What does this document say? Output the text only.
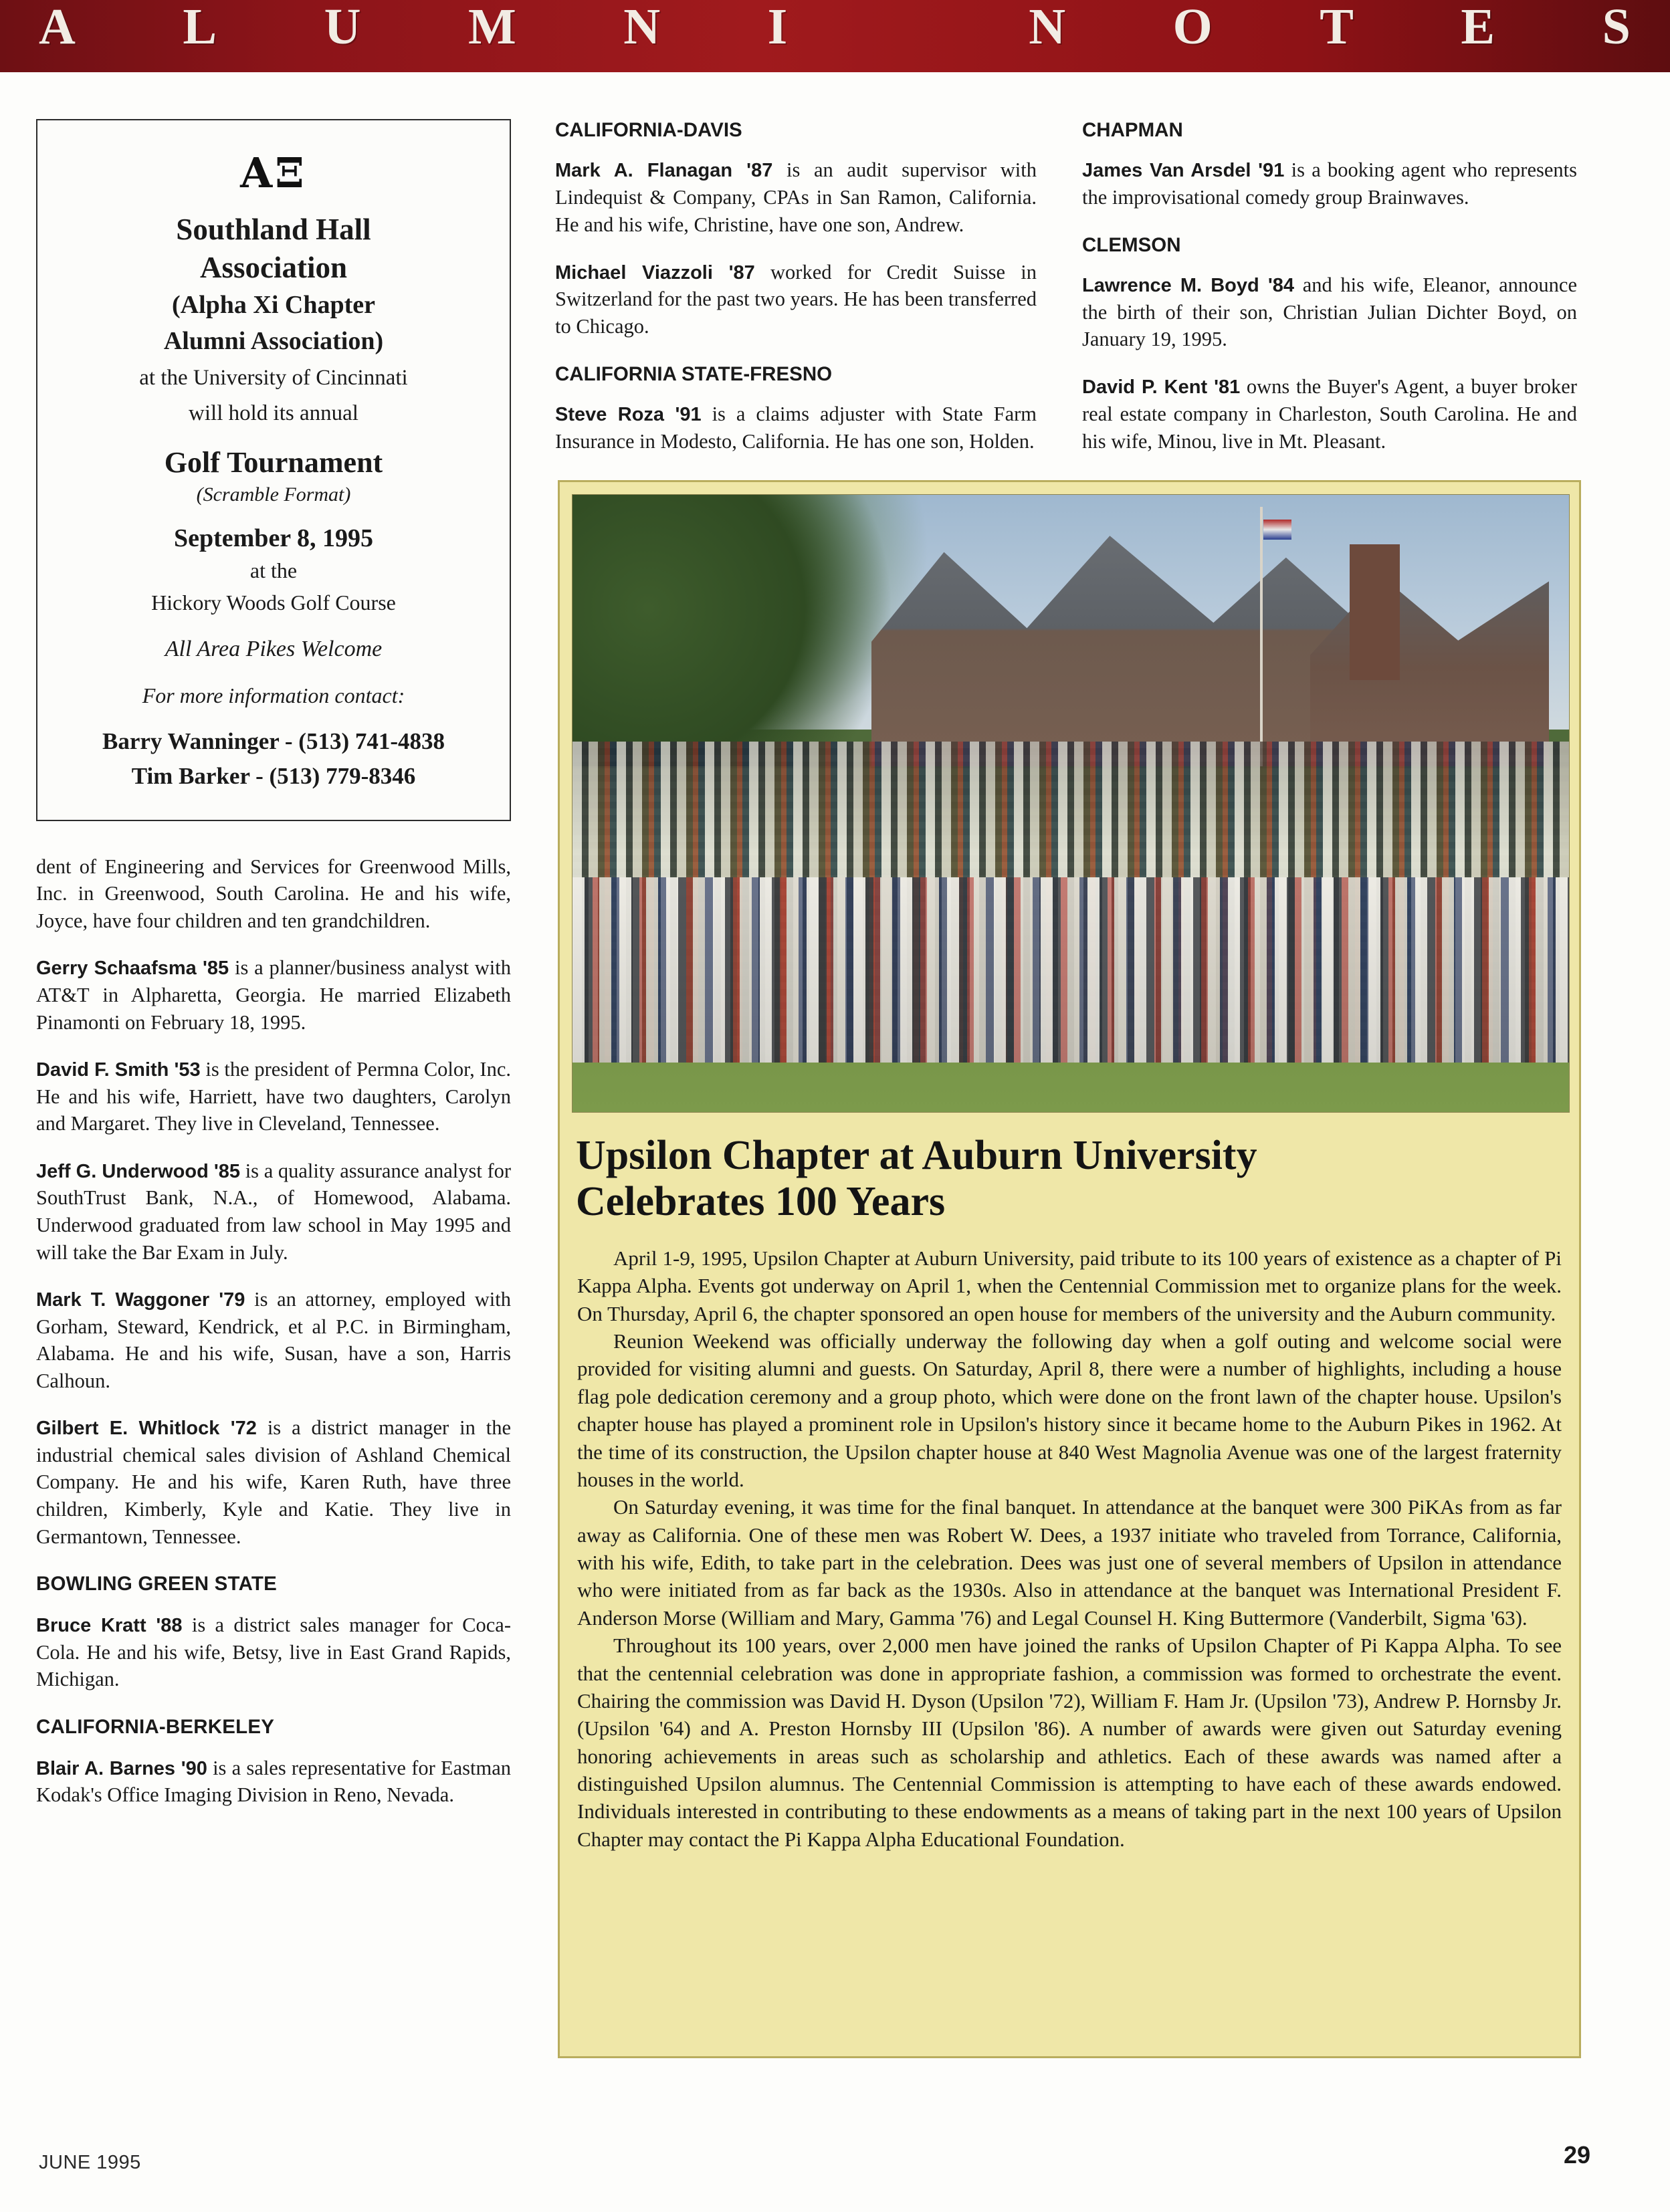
A L U M N I	N O T E S
ΑΞ
Southland Hall
Association
(Alpha Xi Chapter
Alumni Association)
at the University of Cincinnati
will hold its annual
Golf Tournament
(Scramble Format)
September 8, 1995
at the
Hickory Woods Golf Course
All Area Pikes Welcome
For more information contact:
Barry Wanninger - (513) 741-4838
Tim Barker - (513) 779-8346
dent of Engineering and Services for Greenwood Mills, Inc. in Greenwood, South Carolina. He and his wife, Joyce, have four children and ten grandchildren.
Gerry Schaafsma '85 is a planner/business analyst with AT&T in Alpharetta, Georgia. He married Elizabeth Pinamonti on February 18, 1995.
David F. Smith '53 is the president of Permna Color, Inc. He and his wife, Harriett, have two daughters, Carolyn and Margaret. They live in Cleveland, Tennessee.
Jeff G. Underwood '85 is a quality assurance analyst for SouthTrust Bank, N.A., of Homewood, Alabama. Underwood graduated from law school in May 1995 and will take the Bar Exam in July.
Mark T. Waggoner '79 is an attorney, employed with Gorham, Steward, Kendrick, et al P.C. in Birmingham, Alabama. He and his wife, Susan, have a son, Harris Calhoun.
Gilbert E. Whitlock '72 is a district manager in the industrial chemical sales division of Ashland Chemical Company. He and his wife, Karen Ruth, have three children, Kimberly, Kyle and Katie. They live in Germantown, Tennessee.
BOWLING GREEN STATE
Bruce Kratt '88 is a district sales manager for Coca-Cola. He and his wife, Betsy, live in East Grand Rapids, Michigan.
CALIFORNIA-BERKELEY
Blair A. Barnes '90 is a sales representative for Eastman Kodak's Office Imaging Division in Reno, Nevada.
CALIFORNIA-DAVIS
Mark A. Flanagan '87 is an audit supervisor with Lindequist & Company, CPAs in San Ramon, California. He and his wife, Christine, have one son, Andrew.
Michael Viazzoli '87 worked for Credit Suisse in Switzerland for the past two years. He has been transferred to Chicago.
CALIFORNIA STATE-FRESNO
Steve Roza '91 is a claims adjuster with State Farm Insurance in Modesto, California. He has one son, Holden.
CHAPMAN
James Van Arsdel '91 is a booking agent who represents the improvisational comedy group Brainwaves.
CLEMSON
Lawrence M. Boyd '84 and his wife, Eleanor, announce the birth of their son, Christian Julian Dichter Boyd, on January 19, 1995.
David P. Kent '81 owns the Buyer's Agent, a buyer broker real estate company in Charleston, South Carolina. He and his wife, Minou, live in Mt. Pleasant.
Upsilon Chapter at Auburn University
Celebrates 100 Years

April 1-9, 1995, Upsilon Chapter at Auburn University, paid tribute to its 100 years of existence as a chapter of Pi Kappa Alpha. Events got underway on April 1, when the Centennial Commission met to organize plans for the week. On Thursday, April 6, the chapter sponsored an open house for members of the university and the Auburn community.

Reunion Weekend was officially underway the following day when a golf outing and welcome social were provided for visiting alumni and guests. On Saturday, April 8, there were a number of highlights, including a house flag pole dedication ceremony and a group photo, which were done on the front lawn of the chapter house. Upsilon's chapter house has played a prominent role in Upsilon's history since it became home to the Auburn Pikes in 1962. At the time of its construction, the Upsilon chapter house at 840 West Magnolia Avenue was one of the largest fraternity houses in the world.

On Saturday evening, it was time for the final banquet. In attendance at the banquet were 300 PiKAs from as far away as California. One of these men was Robert W. Dees, a 1937 initiate who traveled from Torrance, California, with his wife, Edith, to take part in the celebration. Dees was just one of several members of Upsilon in attendance who were initiated from as far back as the 1930s. Also in attendance at the banquet was International President F. Anderson Morse (William and Mary, Gamma '76) and Legal Counsel H. King Buttermore (Vanderbilt, Sigma '63).

Throughout its 100 years, over 2,000 men have joined the ranks of Upsilon Chapter of Pi Kappa Alpha. To see that the centennial celebration was done in appropriate fashion, a commission was formed to orchestrate the event. Chairing the commission was David H. Dyson (Upsilon '72), William F. Ham Jr. (Upsilon '73), Andrew P. Hornsby Jr. (Upsilon '64) and A. Preston Hornsby III (Upsilon '86). A number of awards were given out Saturday evening honoring achievements in areas such as scholarship and athletics. Each of these awards was named after a distinguished Upsilon alumnus. The Centennial Commission is attempting to have each of these awards endowed. Individuals interested in contributing to these endowments as a means of taking part in the next 100 years of Upsilon Chapter may contact the Pi Kappa Alpha Educational Foundation.

JUNE 1995	29
